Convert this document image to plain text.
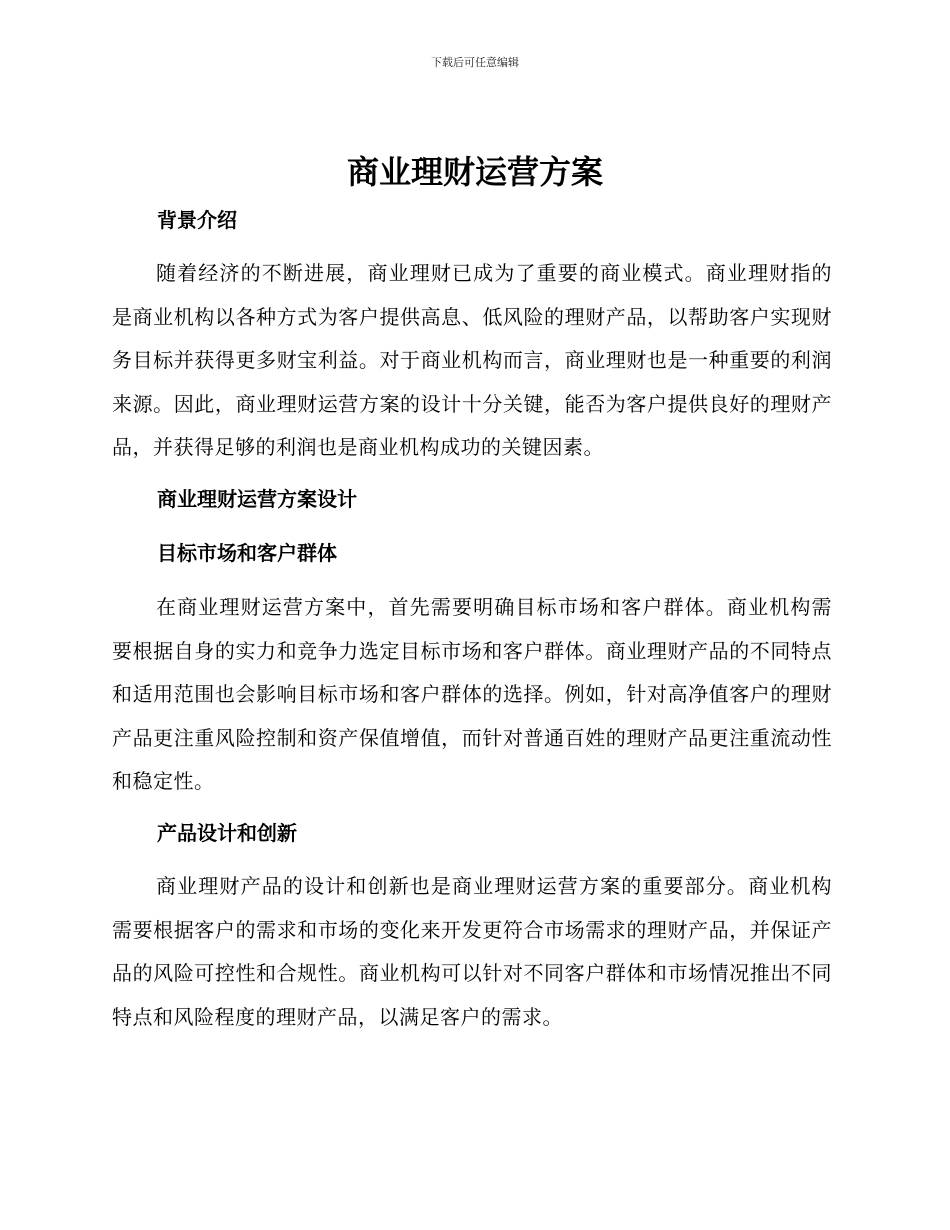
下载后可任意编辑
商业理财运营方案
背景介绍

随着经济的不断进展，商业理财已成为了重要的商业模式。商业理财指的是商业机构以各种方式为客户提供高息、低风险的理财产品，以帮助客户实现财务目标并获得更多财宝利益。对于商业机构而言，商业理财也是一种重要的利润来源。因此，商业理财运营方案的设计十分关键，能否为客户提供良好的理财产品，并获得足够的利润也是商业机构成功的关键因素。

商业理财运营方案设计
目标市场和客户群体

在商业理财运营方案中，首先需要明确目标市场和客户群体。商业机构需要根据自身的实力和竞争力选定目标市场和客户群体。商业理财产品的不同特点和适用范围也会影响目标市场和客户群体的选择。例如，针对高净值客户的理财产品更注重风险控制和资产保值增值，而针对普通百姓的理财产品更注重流动性和稳定性。

产品设计和创新

商业理财产品的设计和创新也是商业理财运营方案的重要部分。商业机构需要根据客户的需求和市场的变化来开发更符合市场需求的理财产品，并保证产品的风险可控性和合规性。商业机构可以针对不同客户群体和市场情况推出不同特点和风险程度的理财产品，以满足客户的需求。
